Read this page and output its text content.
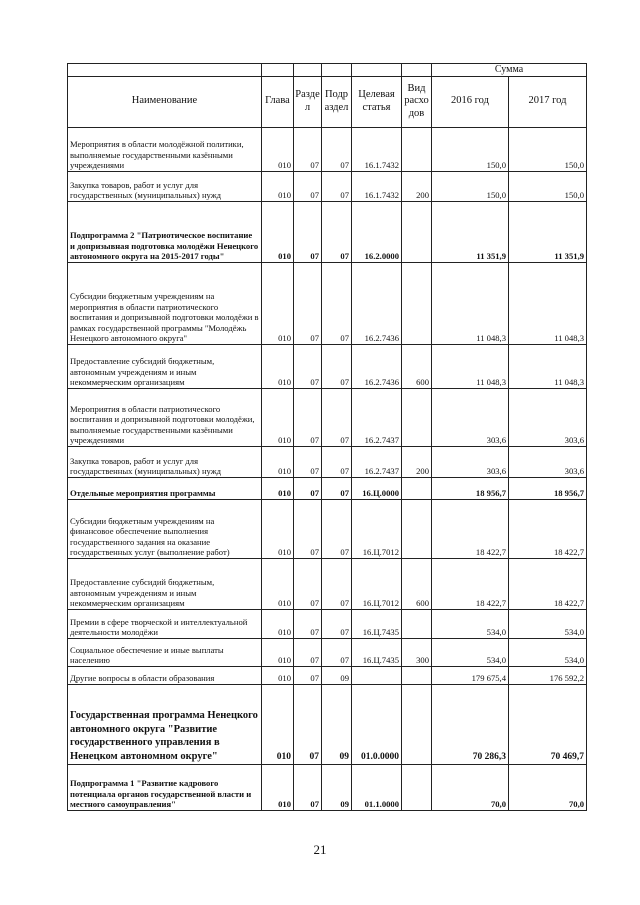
						Сумма	
Наименование	Глава	Разде л	Подр аздел	Целевая статья	Вид расхо дов	2016 год	2017 год
Мероприятия в области молодёжной политики, выполняемые государственными казёнными учреждениями	010	07	07	16.1.7432		150,0	150,0
Закупка товаров, работ и услуг для государственных (муниципальных) нужд	010	07	07	16.1.7432	200	150,0	150,0
Подпрограмма 2 "Патриотическое воспитание и допризывная подготовка молодёжи Ненецкого автономного округа на 2015-2017 годы"	010	07	07	16.2.0000		11 351,9	11 351,9
Субсидии бюджетным учреждениям на мероприятия в области патриотического воспитания и допризывной подготовки молодёжи в рамках государственной программы "Молодёжь Ненецкого автономного округа"	010	07	07	16.2.7436		11 048,3	11 048,3
Предоставление субсидий бюджетным, автономным учреждениям и иным некоммерческим организациям	010	07	07	16.2.7436	600	11 048,3	11 048,3
Мероприятия в области патриотического воспитания и допризывной подготовки молодёжи, выполняемые государственными казёнными учреждениями	010	07	07	16.2.7437		303,6	303,6
Закупка товаров, работ и услуг для государственных (муниципальных) нужд	010	07	07	16.2.7437	200	303,6	303,6
Отдельные мероприятия программы	010	07	07	16.Ц.0000		18 956,7	18 956,7
Субсидии бюджетным учреждениям на финансовое обеспечение выполнения государственного задания на оказание государственных услуг (выполнение работ)	010	07	07	16.Ц.7012		18 422,7	18 422,7
Предоставление субсидий бюджетным, автономным учреждениям и иным некоммерческим организациям	010	07	07	16.Ц.7012	600	18 422,7	18 422,7
Премии в сфере творческой и интеллектуальной деятельности молодёжи	010	07	07	16.Ц.7435		534,0	534,0
Социальное обеспечение и иные выплаты населению	010	07	07	16.Ц.7435	300	534,0	534,0
Другие вопросы в области образования	010	07	09			179 675,4	176 592,2
Государственная программа Ненецкого автономного округа "Развитие государственного управления в Ненецком автономном округе"	010	07	09	01.0.0000		70 286,3	70 469,7
Подпрограмма 1 "Развитие кадрового потенциала органов государственной власти и местного самоуправления"	010	07	09	01.1.0000		70,0	70,0
21
